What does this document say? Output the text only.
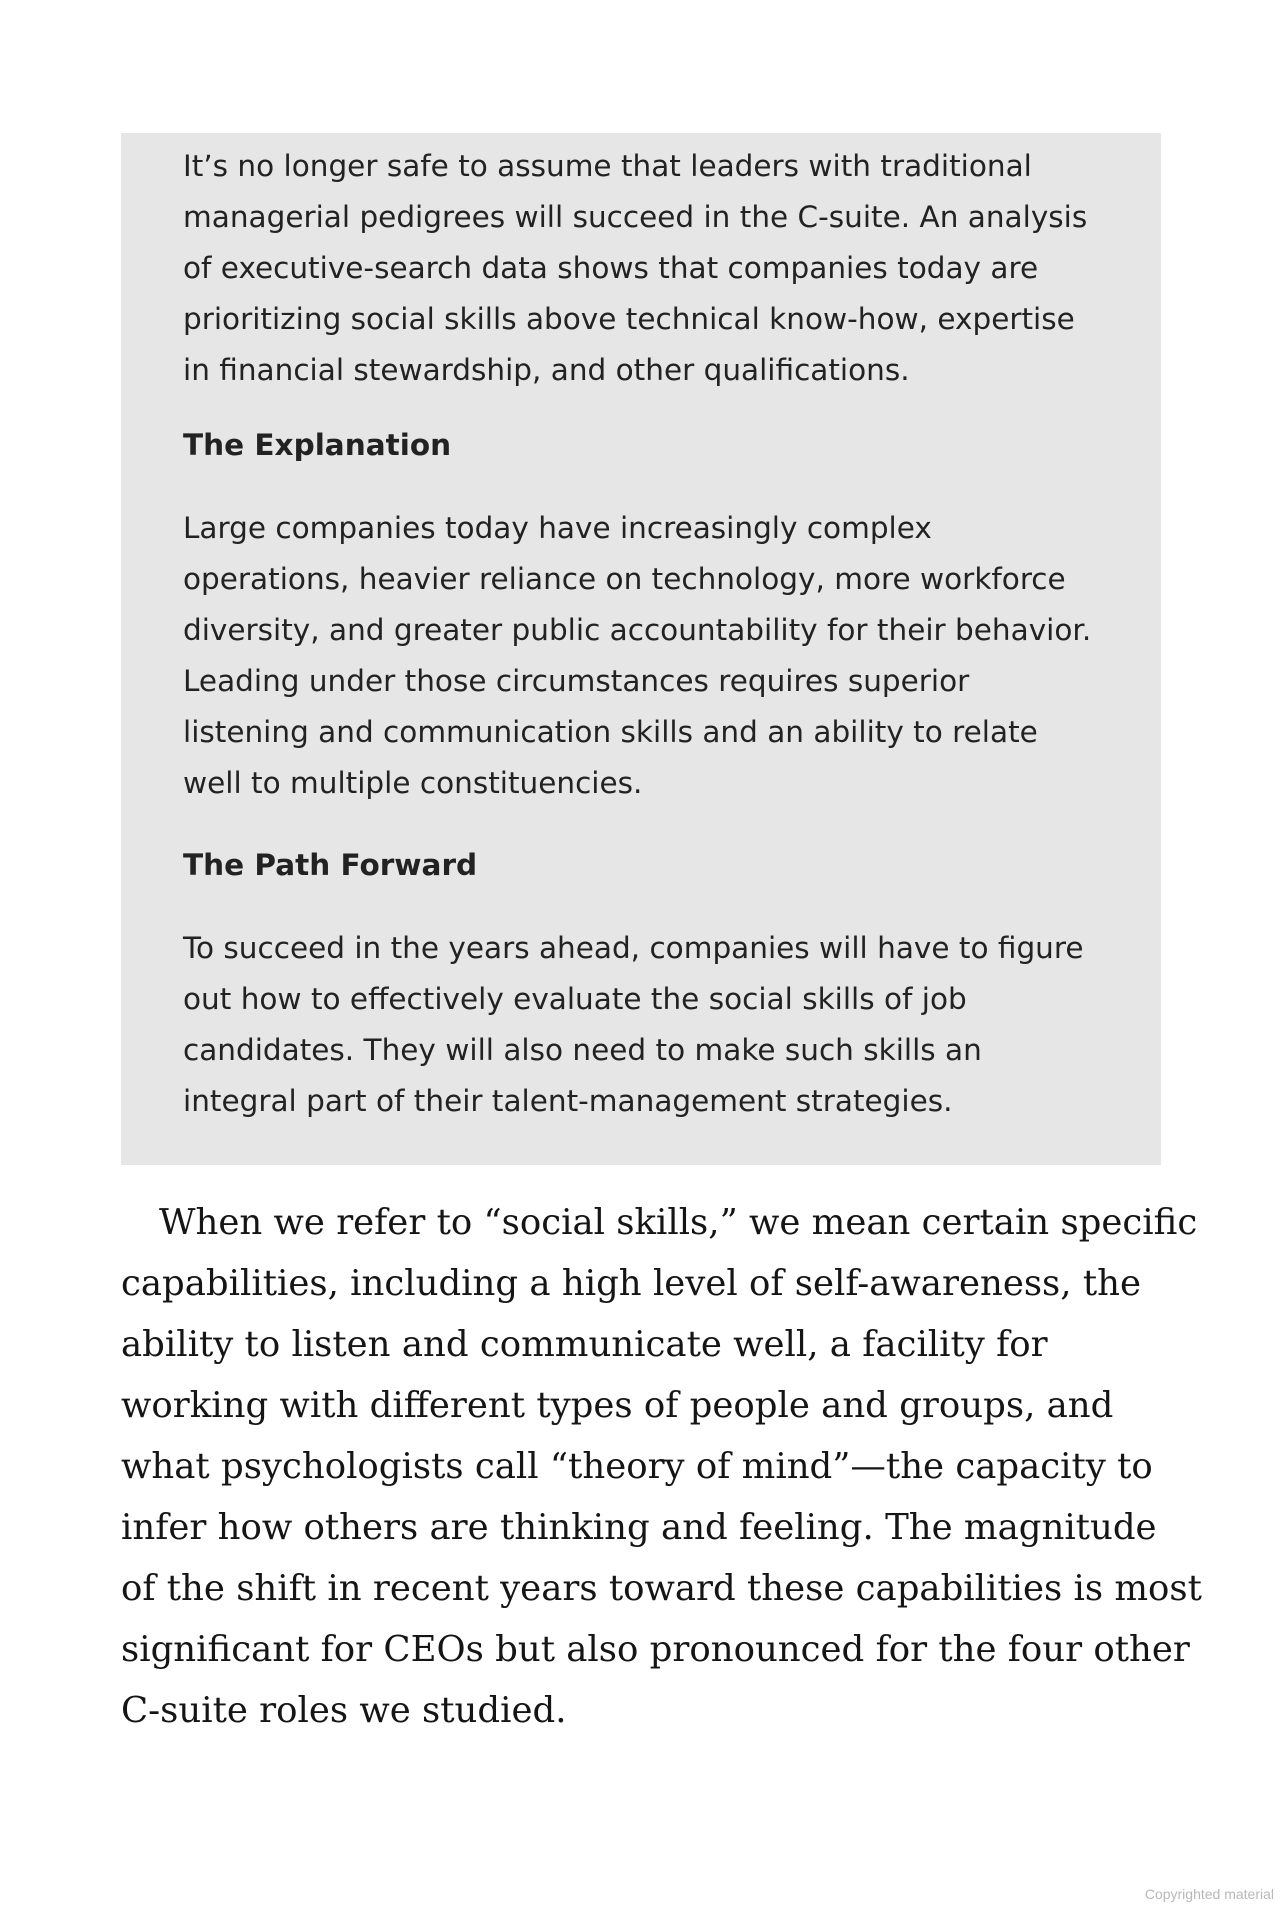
It’s no longer safe to assume that leaders with traditional
managerial pedigrees will succeed in the C-suite. An analysis
of executive-search data shows that companies today are
prioritizing social skills above technical know-how, expertise
in financial stewardship, and other qualifications.

The Explanation

Large companies today have increasingly complex
operations, heavier reliance on technology, more workforce
diversity, and greater public accountability for their behavior.
Leading under those circumstances requires superior
listening and communication skills and an ability to relate
well to multiple constituencies.

The Path Forward

To succeed in the years ahead, companies will have to figure
out how to effectively evaluate the social skills of job
candidates. They will also need to make such skills an
integral part of their talent-management strategies.

When we refer to “social skills,” we mean certain specific
capabilities, including a high level of self-awareness, the
ability to listen and communicate well, a facility for
working with different types of people and groups, and
what psychologists call “theory of mind”—the capacity to
infer how others are thinking and feeling. The magnitude
of the shift in recent years toward these capabilities is most
significant for CEOs but also pronounced for the four other
C-suite roles we studied.

Copyrighted material
